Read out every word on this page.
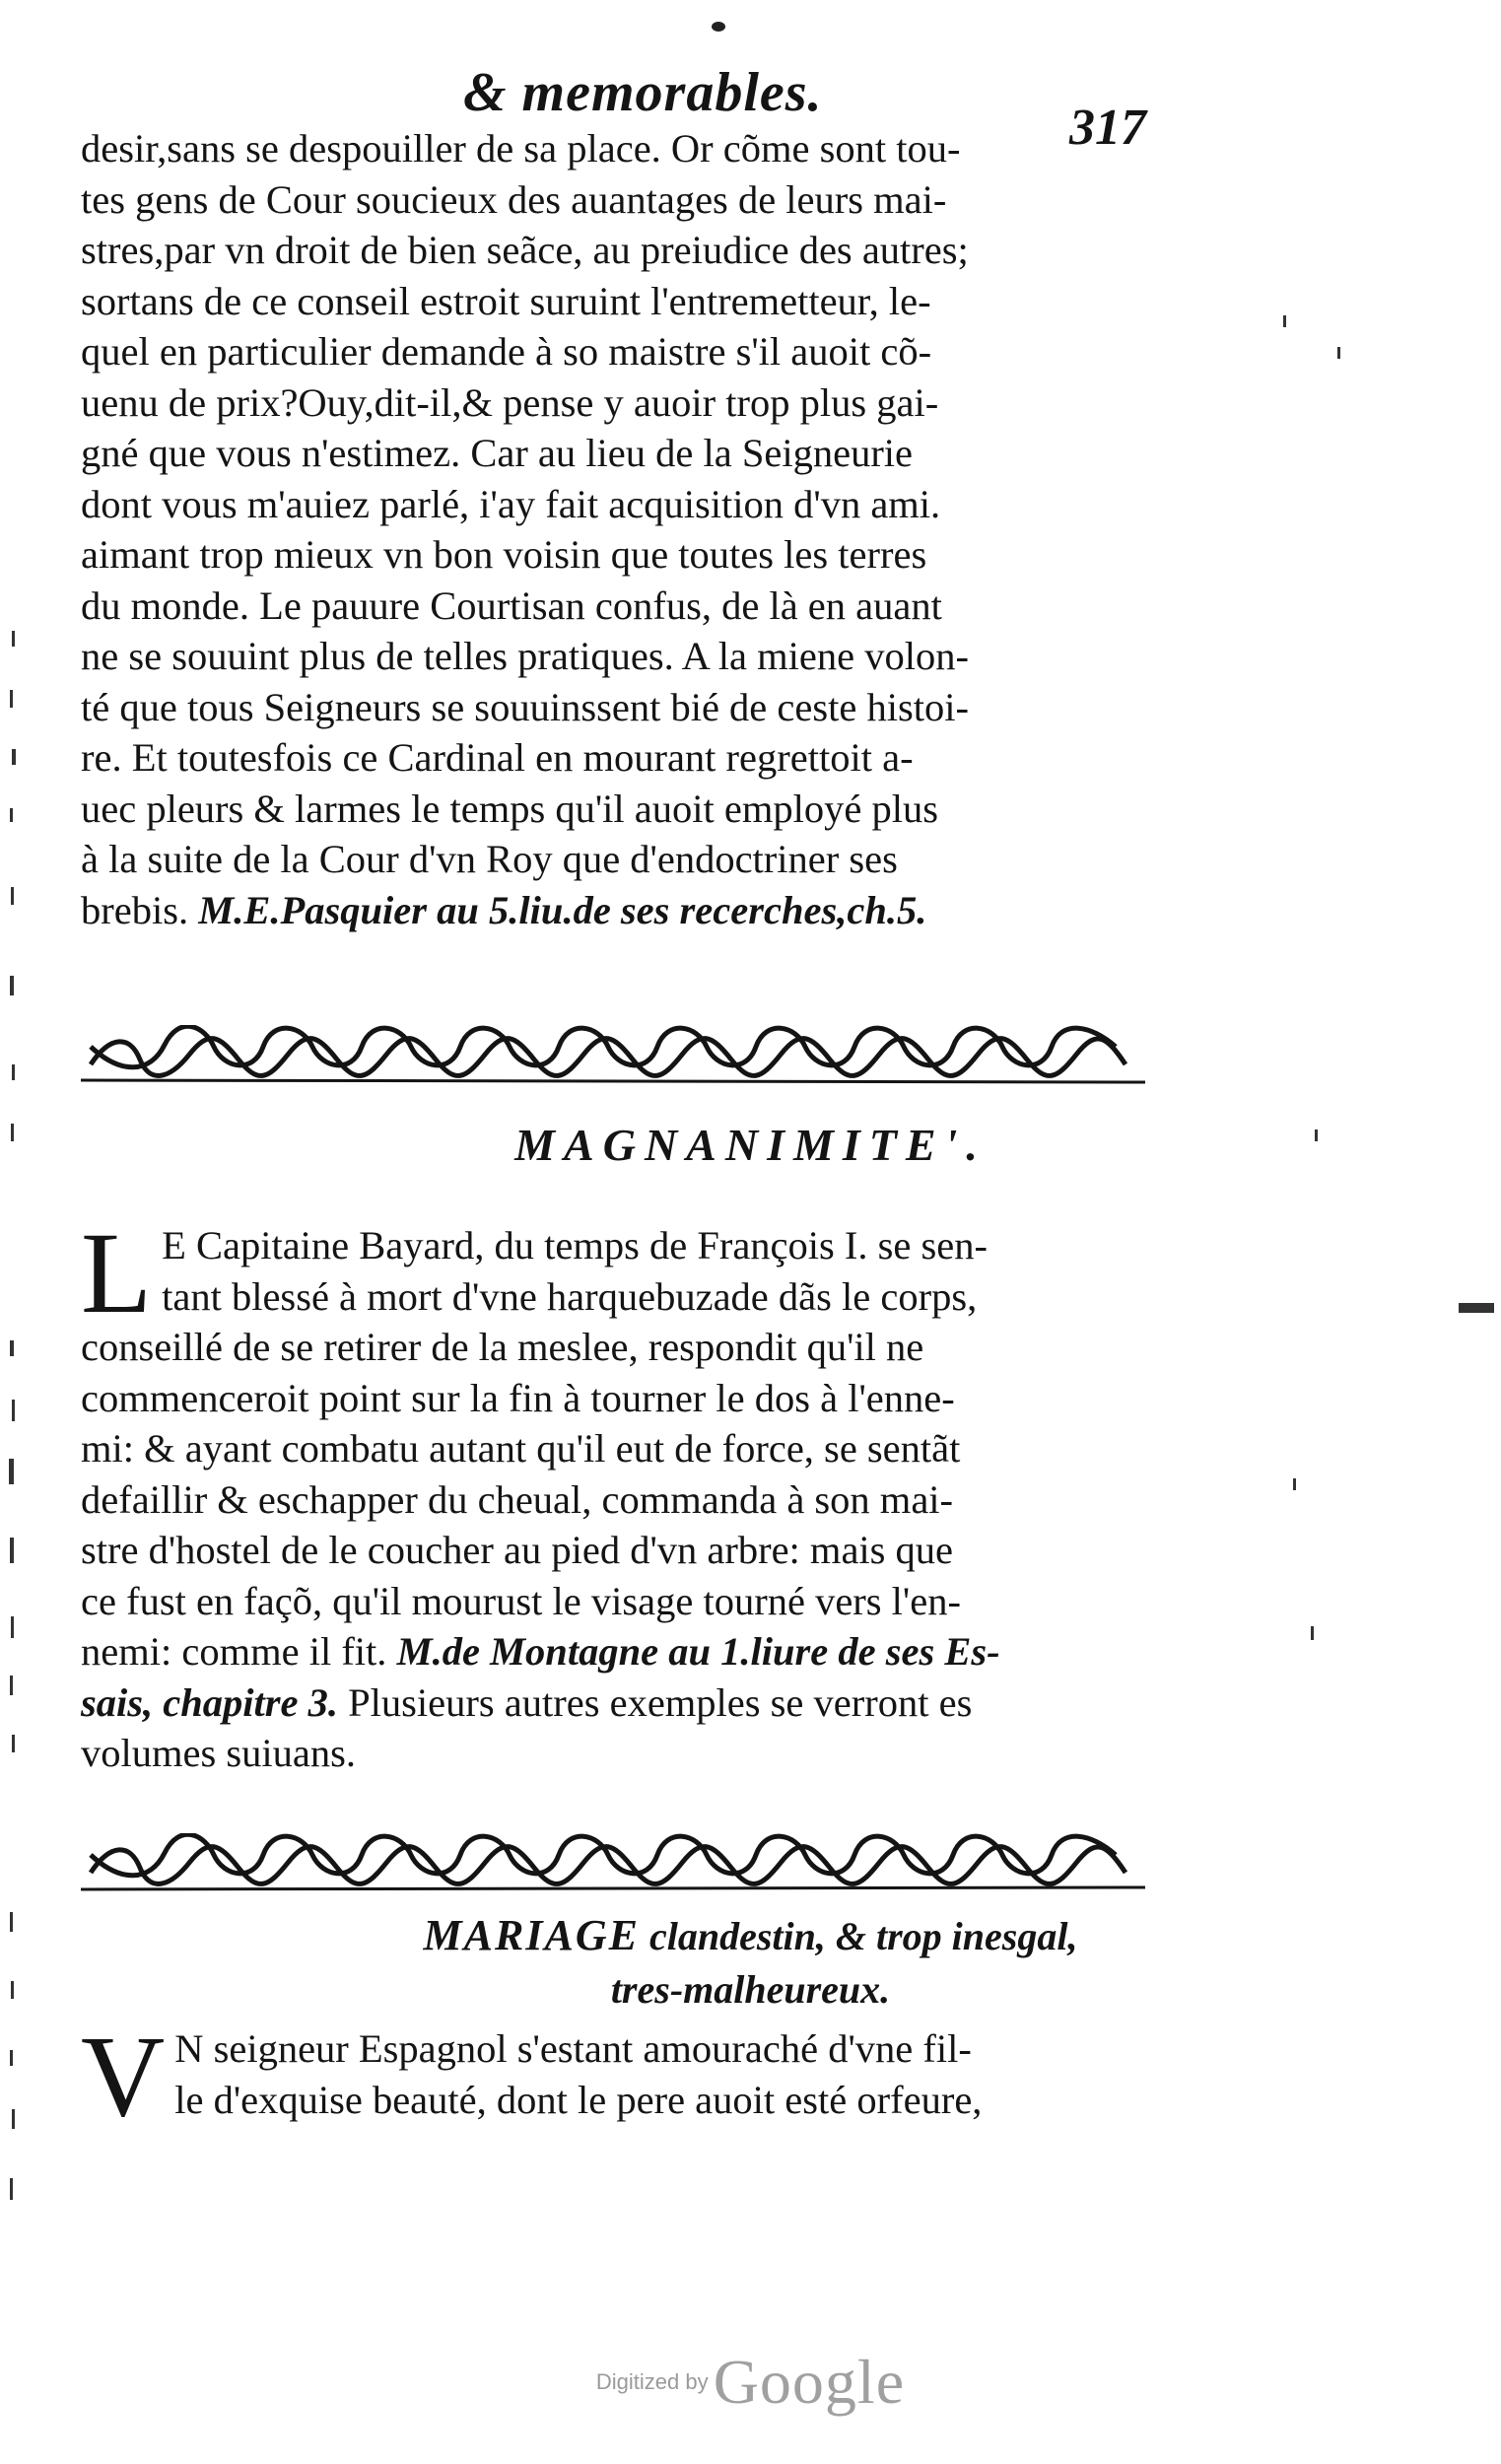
& memorables.
317
desir,sans se despouiller de sa place. Or cõme sont tou-
tes gens de Cour soucieux des auantages de leurs mai-
stres,par vn droit de bien seãce, au preiudice des autres;
sortans de ce conseil estroit suruint l'entremetteur, le-
quel en particulier demande à so maistre s'il auoit cõ-
uenu de prix?Ouy,dit-il,& pense y auoir trop plus gai-
gné que vous n'estimez. Car au lieu de la Seigneurie
dont vous m'auiez parlé, i'ay fait acquisition d'vn ami.
aimant trop mieux vn bon voisin que toutes les terres
du monde. Le pauure Courtisan confus, de là en auant
ne se souuint plus de telles pratiques. A la miene volon-
té que tous Seigneurs se souuinssent bié de ceste histoi-
re. Et toutesfois ce Cardinal en mourant regrettoit a-
uec pleurs & larmes le temps qu'il auoit employé plus
à la suite de la Cour d'vn Roy que d'endoctriner ses
brebis. M.E.Pasquier au 5.liu.de ses recerches,ch.5.
MAGNANIMITE'.
L E Capitaine Bayard, du temps de François I. se sen-
tant blessé à mort d'vne harquebuzade dãs le corps,
conseillé de se retirer de la meslee, respondit qu'il ne
commenceroit point sur la fin à tourner le dos à l'enne-
mi: & ayant combatu autant qu'il eut de force, se sentãt
defaillir & eschapper du cheual, commanda à son mai-
stre d'hostel de le coucher au pied d'vn arbre: mais que
ce fust en façõ, qu'il mourust le visage tourné vers l'en-
nemi: comme il fit. M.de Montagne au 1.liure de ses Es-
sais, chapitre 3. Plusieurs autres exemples se verront es
volumes suiuans.
MARIAGE clandestin, & trop inesgal,
tres-malheureux.
V N seigneur Espagnol s'estant amouraché d'vne fil-
le d'exquise beauté, dont le pere auoit esté orfeure,
Digitized by Google
